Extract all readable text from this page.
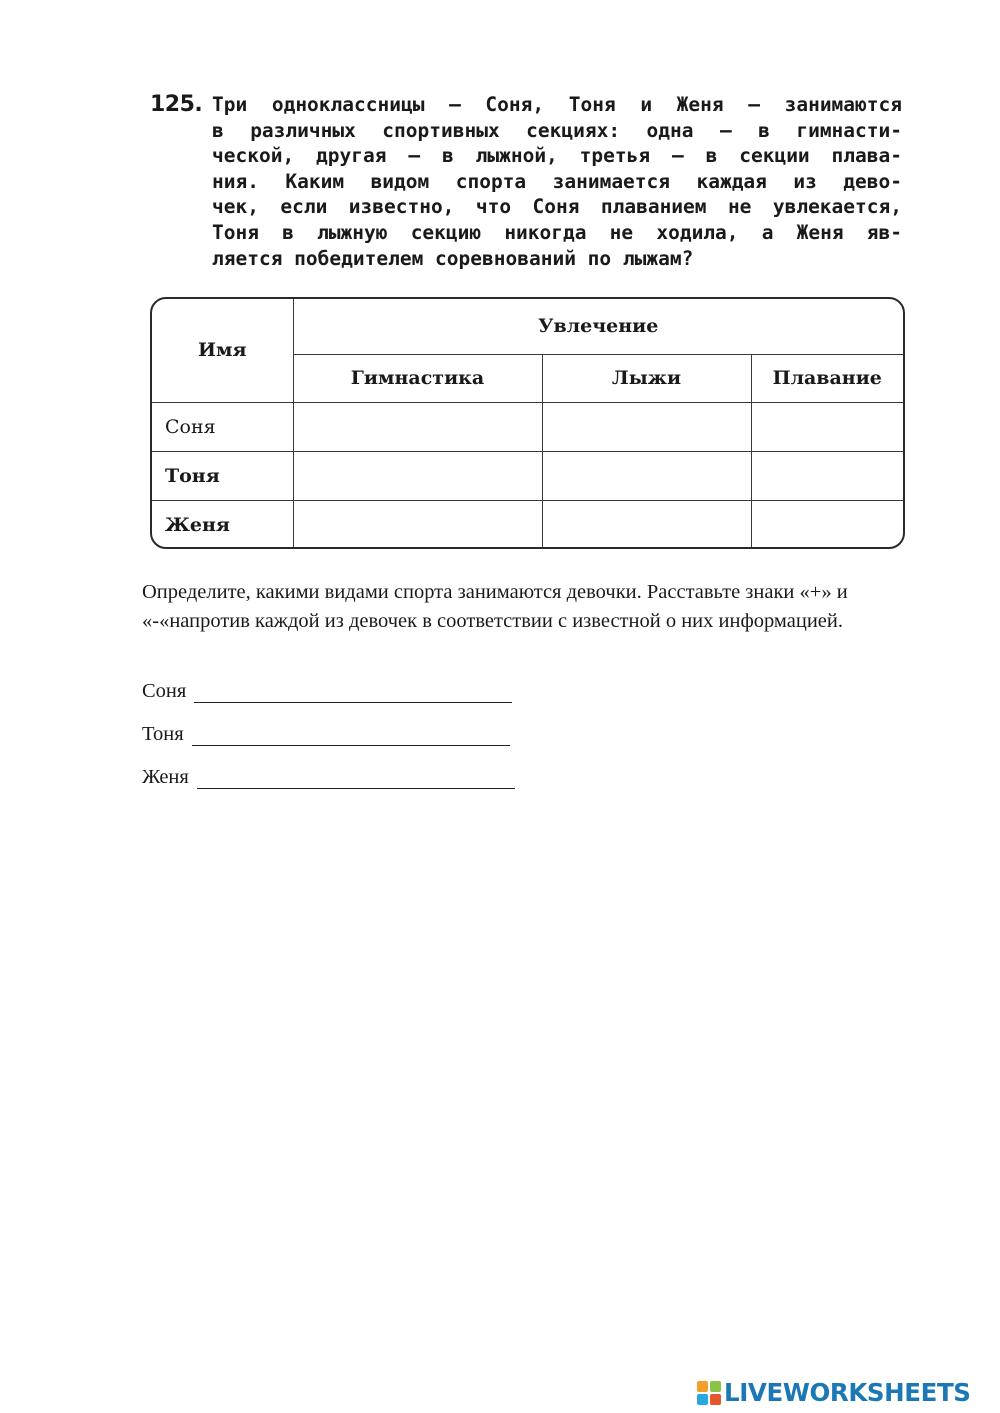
125. Три одноклассницы — Соня, Тоня и Женя — занимаются
в различных спортивных секциях: одна — в гимнасти-
ческой, другая — в лыжной, третья — в секции плава-
ния. Каким видом спорта занимается каждая из дево-
чек, если известно, что Соня плаванием не увлекается,
Тоня в лыжную секцию никогда не ходила, а Женя яв-
ляется победителем соревнований по лыжам?
Имя	Увлечение		
	Гимнастика	Лыжи	Плавание
Соня			
Тоня			
Женя			
Определите, какими видами спорта занимаются девочки. Расставьте знаки «+» и «-«напротив каждой из девочек в соответствии с известной о них информацией.
Соня
Тоня
Женя
LIVEWORKSHEETS
